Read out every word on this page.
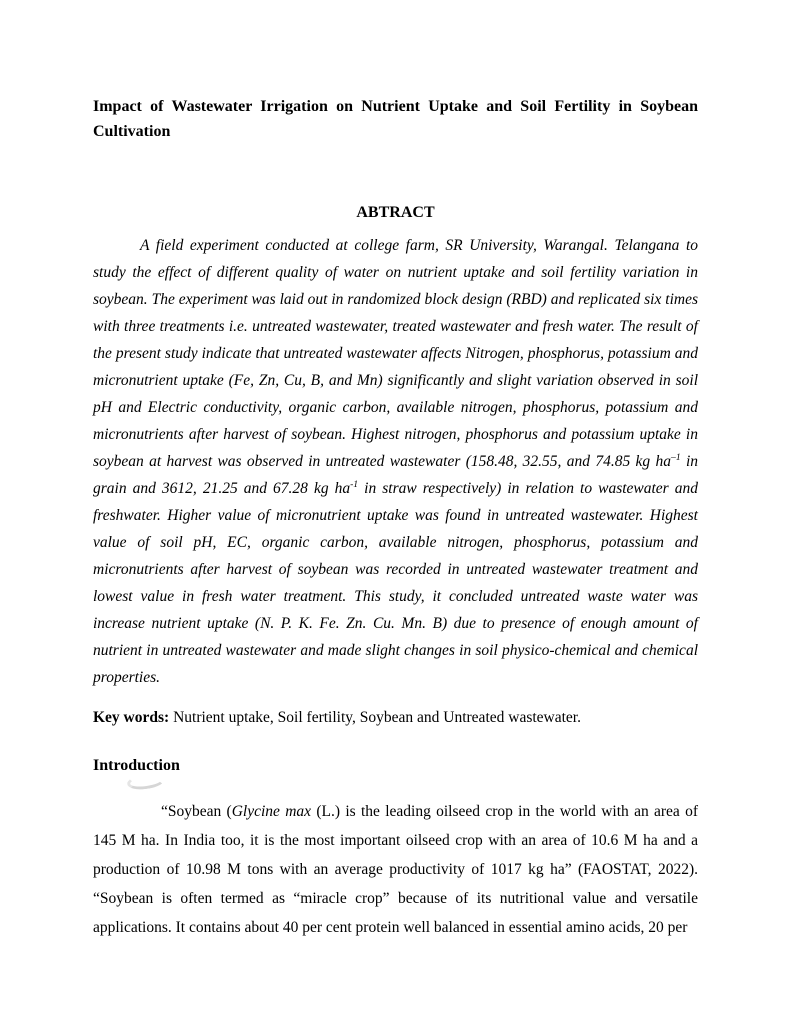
Impact of Wastewater Irrigation on Nutrient Uptake and Soil Fertility in Soybean Cultivation
ABTRACT

A field experiment conducted at college farm, SR University, Warangal. Telangana to study the effect of different quality of water on nutrient uptake and soil fertility variation in soybean. The experiment was laid out in randomized block design (RBD) and replicated six times with three treatments i.e. untreated wastewater, treated wastewater and fresh water. The result of the present study indicate that untreated wastewater affects Nitrogen, phosphorus, potassium and micronutrient uptake (Fe, Zn, Cu, B, and Mn) significantly and slight variation observed in soil pH and Electric conductivity, organic carbon, available nitrogen, phosphorus, potassium and micronutrients after harvest of soybean. Highest nitrogen, phosphorus and potassium uptake in soybean at harvest was observed in untreated wastewater (158.48, 32.55, and 74.85 kg $ha^{-1}$ in grain and 3612, 21.25 and 67.28 kg $ha^{-1}$ in straw respectively) in relation to wastewater and freshwater. Higher value of micronutrient uptake was found in untreated wastewater. Highest value of soil pH, EC, organic carbon, available nitrogen, phosphorus, potassium and micronutrients after harvest of soybean was recorded in untreated wastewater treatment and lowest value in fresh water treatment. This study, it concluded untreated waste water was increase nutrient uptake (N. P. K. Fe. Zn. Cu. Mn. B) due to presence of enough amount of nutrient in untreated wastewater and made slight changes in soil physico-chemical and chemical properties.

Key words: Nutrient uptake, Soil fertility, Soybean and Untreated wastewater.

Introduction

“Soybean (Glycine max (L.) is the leading oilseed crop in the world with an area of 145 M ha. In India too, it is the most important oilseed crop with an area of 10.6 M ha and a production of 10.98 M tons with an average productivity of 1017 kg ha” (FAOSTAT, 2022). “Soybean is often termed as “miracle crop” because of its nutritional value and versatile applications. It contains about 40 per cent protein well balanced in essential amino acids, 20 per
